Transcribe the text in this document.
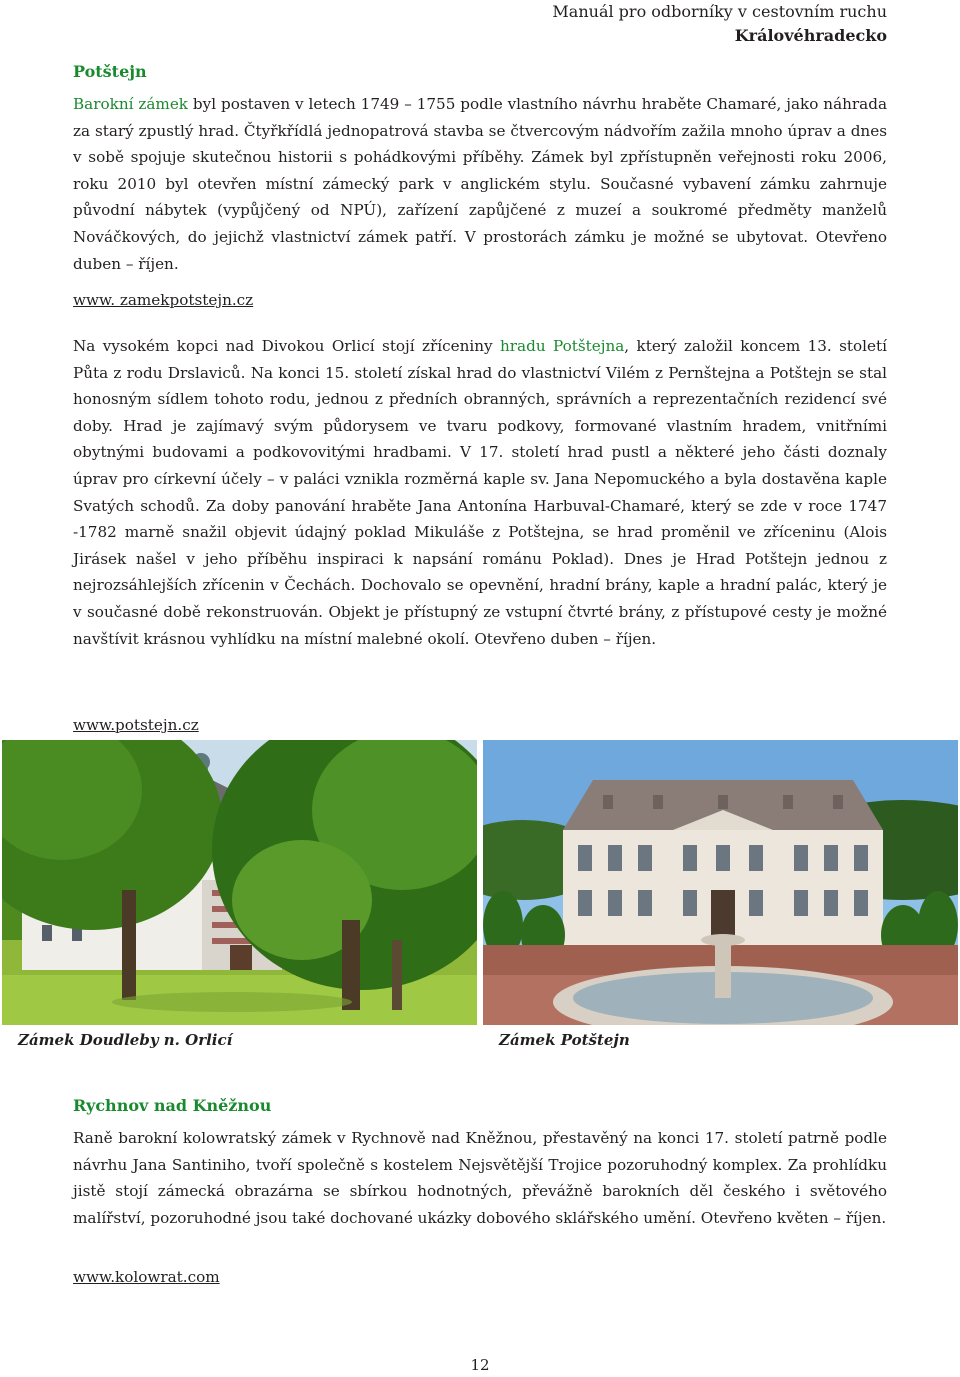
Manuál pro odborníky v cestovním ruchu
Královéhradecko
Potštejn

Barokní zámek byl postaven v letech 1749 – 1755 podle vlastního návrhu hraběte Chamaré, jako náhrada za starý zpustlý hrad. Čtyřkřídlá jednopatrová stavba se čtvercovým nádvořím zažila mnoho úprav a dnes v sobě spojuje skutečnou historii s pohádkovými příběhy. Zámek byl zpřístupněn veřejnosti roku 2006, roku 2010 byl otevřen místní zámecký park v anglickém stylu. Současné vybavení zámku zahrnuje původní nábytek (vypůjčený od NPÚ), zařízení zapůjčené z muzeí a soukromé předměty manželů Nováčkových, do jejichž vlastnictví zámek patří. V prostorách zámku je možné se ubytovat. Otevřeno duben – říjen.

www. zamekpotstejn.cz

Na vysokém kopci nad Divokou Orlicí stojí zříceniny hradu Potštejna, který založil koncem 13. století Půta z rodu Drslaviců. Na konci 15. století získal hrad do vlastnictví Vilém z Pernštejna a Potštejn se stal honosným sídlem tohoto rodu, jednou z předních obranných, správních a reprezentačních rezidencí své doby. Hrad je zajímavý svým půdorysem ve tvaru podkovy, formované vlastním hradem, vnitřními obytnými budovami a podkovovitými hradbami. V 17. století hrad pustl a některé jeho části doznaly úprav pro církevní účely – v paláci vznikla rozměrná kaple sv. Jana Nepomuckého a byla dostavěna kaple Svatých schodů. Za doby panování hraběte Jana Antonína Harbuval-Chamaré, který se zde v roce 1747 -1782 marně snažil objevit údajný poklad Mikuláše z Potštejna, se hrad proměnil ve zříceninu (Alois Jirásek našel v jeho příběhu inspiraci k napsání románu Poklad). Dnes je Hrad Potštejn jednou z nejrozsáhlejších zřícenin v Čechách. Dochovalo se opevnění, hradní brány, kaple a hradní palác, který je v současné době rekonstruován. Objekt je přístupný ze vstupní čtvrté brány, z přístupové cesty je možné navštívit krásnou vyhlídku na místní malebné okolí. Otevřeno duben – říjen.

www.potstejn.cz
Zámek Doudleby n. Orlicí	Zámek Potštejn
Rychnov nad Kněžnou

Raně barokní kolowratský zámek v Rychnově nad Kněžnou, přestavěný na konci 17. století patrně podle návrhu Jana Santiniho, tvoří společně s kostelem Nejsvětější Trojice pozoruhodný komplex. Za prohlídku jistě stojí zámecká obrazárna se sbírkou hodnotných, převážně barokních děl českého i světového malířství, pozoruhodné jsou také dochované ukázky dobového sklářského umění. Otevřeno květen – říjen.

www.kolowrat.com
12
